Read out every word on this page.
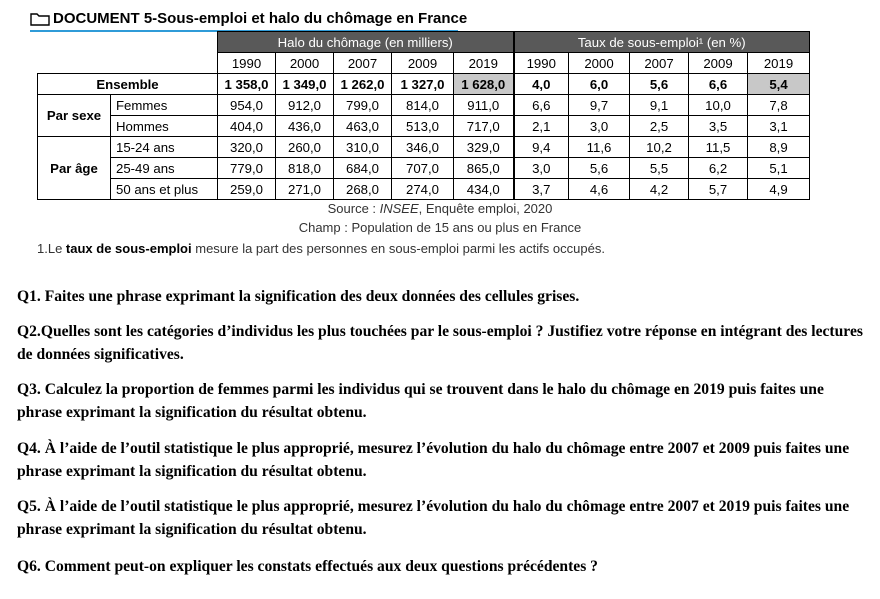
DOCUMENT 5-Sous-emploi et halo du chômage en France
		Halo du chômage (en milliers)					Taux de sous-emploi¹ (en %)				
		1990	2000	2007	2009	2019	1990	2000	2007	2009	2019
Ensemble		1 358,0	1 349,0	1 262,0	1 327,0	1 628,0	4,0	6,0	5,6	6,6	5,4
Par sexe	Femmes	954,0	912,0	799,0	814,0	911,0	6,6	9,7	9,1	10,0	7,8
	Hommes	404,0	436,0	463,0	513,0	717,0	2,1	3,0	2,5	3,5	3,1
Par âge	15-24 ans	320,0	260,0	310,0	346,0	329,0	9,4	11,6	10,2	11,5	8,9
	25-49 ans	779,0	818,0	684,0	707,0	865,0	3,0	5,6	5,5	6,2	5,1
	50 ans et plus	259,0	271,0	268,0	274,0	434,0	3,7	4,6	4,2	5,7	4,9
Source : INSEE, Enquête emploi, 2020
Champ : Population de 15 ans ou plus en France
1.Le taux de sous-emploi mesure la part des personnes en sous-emploi parmi les actifs occupés.
Q1. Faites une phrase exprimant la signification des deux données des cellules grises.
Q2.Quelles sont les catégories d’individus les plus touchées par le sous-emploi ? Justifiez votre réponse en intégrant des lectures de données significatives.
Q3. Calculez la proportion de femmes parmi les individus qui se trouvent dans le halo du chômage en 2019 puis faites une phrase exprimant la signification du résultat obtenu.
Q4. À l’aide de l’outil statistique le plus approprié, mesurez l’évolution du halo du chômage entre 2007 et 2009 puis faites une phrase exprimant la signification du résultat obtenu.
Q5. À l’aide de l’outil statistique le plus approprié, mesurez l’évolution du halo du chômage entre 2007 et 2019 puis faites une phrase exprimant la signification du résultat obtenu.
Q6. Comment peut-on expliquer les constats effectués aux deux questions précédentes ?
